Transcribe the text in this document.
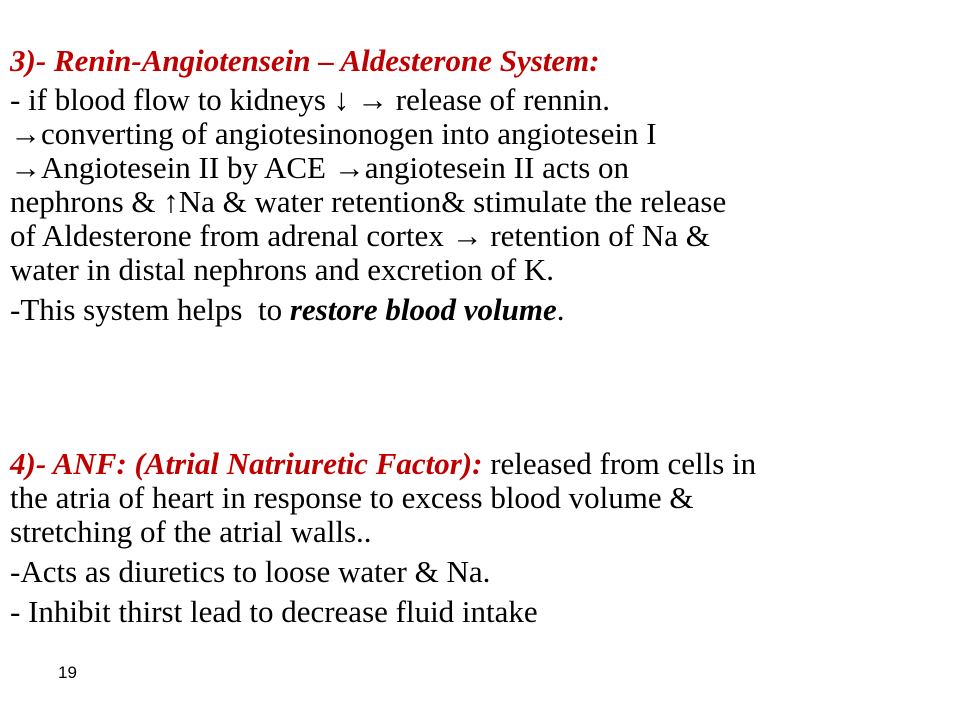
3)- Renin-Angiotensein – Aldesterone System:

- if blood flow to kidneys ↓ → release of rennin.
→converting of angiotesinonogen into angiotesein I
→Angiotesein II by ACE →angiotesein II acts on
nephrons & ↑Na & water retention& stimulate the release
of Aldesterone from adrenal cortex → retention of Na &
water in distal nephrons and excretion of K.

-This system helps  to restore blood volume.

4)- ANF: (Atrial Natriuretic Factor): released from cells in
the atria of heart in response to excess blood volume &
stretching of the atrial walls..

-Acts as diuretics to loose water & Na.

- Inhibit thirst lead to decrease fluid intake

19
